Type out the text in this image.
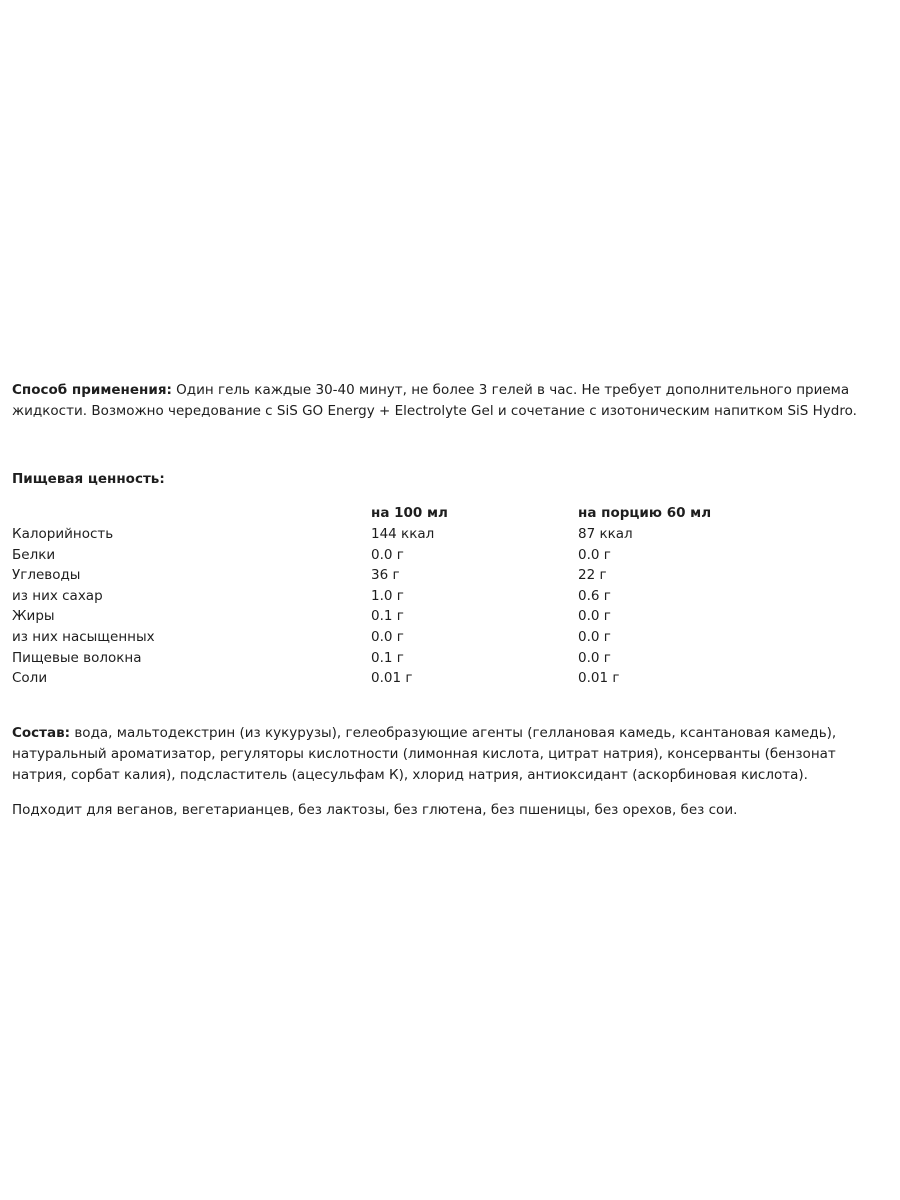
Способ применения: Один гель каждые 30-40 минут, не более 3 гелей в час. Не требует дополнительного приема жидкости. Возможно чередование с SiS GO Energy + Electrolyte Gel и сочетание с изотоническим напитком SiS Hydro.

Пищевая ценность:

	на 100 мл	на порцию 60 мл
Калорийность	144 ккал	87 ккал
Белки	0.0 г	0.0 г
Углеводы	36 г	22 г
из них сахар	1.0 г	0.6 г
Жиры	0.1 г	0.0 г
из них насыщенных	0.0 г	0.0 г
Пищевые волокна	0.1 г	0.0 г
Соли	0.01 г	0.01 г

Состав: вода, мальтодекстрин (из кукурузы), гелеобразующие агенты (геллановая камедь, ксантановая камедь), натуральный ароматизатор, регуляторы кислотности (лимонная кислота, цитрат натрия), консерванты (бензонат натрия, сорбат калия), подсластитель (ацесульфам К), хлорид натрия, антиоксидант (аскорбиновая кислота).

Подходит для веганов, вегетарианцев, без лактозы, без глютена, без пшеницы, без орехов, без сои.
